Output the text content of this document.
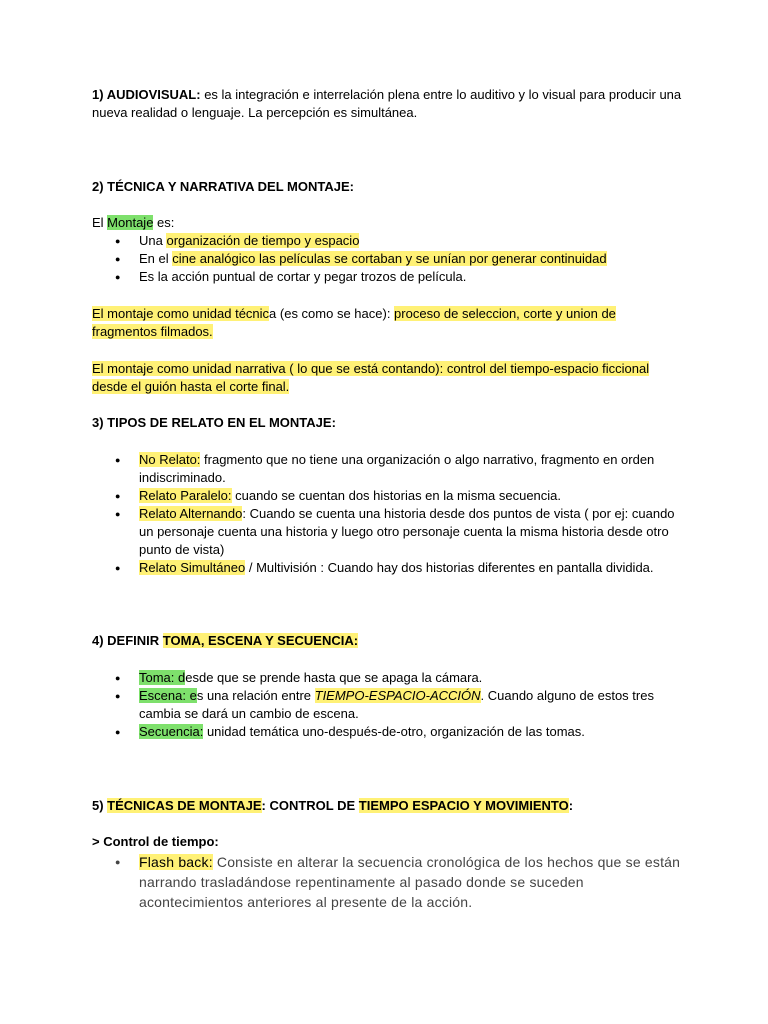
1) AUDIOVISUAL: es la integración e interrelación plena entre lo auditivo y lo visual para producir una nueva realidad o lenguaje. La percepción es simultánea.
2) TÉCNICA Y NARRATIVA DEL MONTAJE:
El Montaje es:
● Una organización de tiempo y espacio
● En el cine analógico las películas se cortaban y se unían por generar continuidad
● Es la acción puntual de cortar y pegar trozos de película.
El montaje como unidad técnica (es como se hace): proceso de seleccion, corte y union de fragmentos filmados.
El montaje como unidad narrativa ( lo que se está contando): control del tiempo-espacio ficcional desde el guión hasta el corte final.
3) TIPOS DE RELATO EN EL MONTAJE:
● No Relato: fragmento que no tiene una organización o algo narrativo, fragmento en orden indiscriminado.
● Relato Paralelo: cuando se cuentan dos historias en la misma secuencia.
● Relato Alternando: Cuando se cuenta una historia desde dos puntos de vista ( por ej: cuando un personaje cuenta una historia y luego otro personaje cuenta la misma historia desde otro punto de vista)
● Relato Simultáneo / Multivisión : Cuando hay dos historias diferentes en pantalla dividida.
4) DEFINIR TOMA, ESCENA Y SECUENCIA:
● Toma: desde que se prende hasta que se apaga la cámara.
● Escena: es una relación entre TIEMPO-ESPACIO-ACCIÓN. Cuando alguno de estos tres cambia se dará un cambio de escena.
● Secuencia: unidad temática uno-después-de-otro, organización de las tomas.
5) TÉCNICAS DE MONTAJE: CONTROL DE TIEMPO ESPACIO Y MOVIMIENTO:
> Control de tiempo:
● Flash back: Consiste en alterar la secuencia cronológica de los hechos que se están narrando trasladándose repentinamente al pasado donde se suceden acontecimientos anteriores al presente de la acción.
